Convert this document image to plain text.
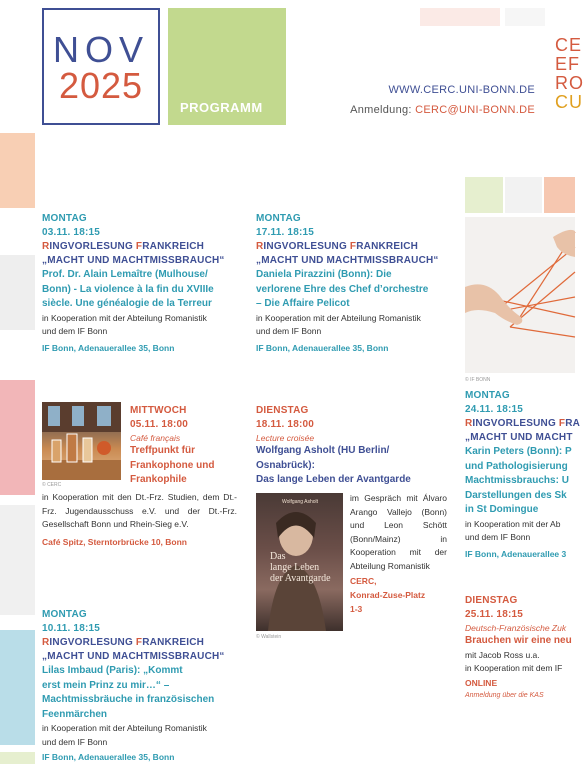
NOV
2025
PROGRAMM
WWW.CERC.UNI-BONN.DE
Anmeldung: CERC@UNI-BONN.DE
CE
EF
RO
CU
MONTAG
03.11. 18:15
RINGVORLESUNG FRANKREICH
„MACHT UND MACHTMISSBRAUCH“
Prof. Dr. Alain Lemaître (Mulhouse/
Bonn) - La violence à la fin du XVIIIe
siècle. Une généalogie de la Terreur
in Kooperation mit der Abteilung Romanistik
und dem IF Bonn
IF Bonn, Adenauerallee 35, Bonn
MONTAG
17.11. 18:15
RINGVORLESUNG FRANKREICH
„MACHT UND MACHTMISSBRAUCH“
Daniela Pirazzini (Bonn): Die
verlorene Ehre des Chef d’orchestre
– Die Affaire Pelicot
in Kooperation mit der Abteilung Romanistik
und dem IF Bonn
IF Bonn, Adenauerallee 35, Bonn
© CERC
MITTWOCH
05.11. 18:00
Café français
Treffpunkt für
Frankophone und
Frankophile
in Kooperation mit den Dt.-Frz. Studien, dem Dt.-Frz. Jugendausschuss e.V. und der Dt.-Frz. Gesellschaft Bonn und Rhein-Sieg e.V.
Café Spitz, Sterntorbrücke 10, Bonn
DIENSTAG
18.11. 18:00
Lecture croisée
Wolfgang Asholt (HU Berlin/
Osnabrück):
Das lange Leben der Avantgarde
Wolfgang Asholt
Das
lange Leben
der Avantgarde
© Wallstein
im Gespräch mit Álvaro Arango Vallejo (Bonn) und Leon Schött (Bonn/Mainz) in Kooperation mit der Abteilung Romanistik
CERC,
Konrad-Zuse-Platz
1-3
MONTAG
10.11. 18:15
RINGVORLESUNG FRANKREICH
„MACHT UND MACHTMISSBRAUCH“
Lilas Imbaud (Paris): „Kommt
erst mein Prinz zu mir…“ –
Machtmissbräuche in französischen
Feenmärchen
in Kooperation mit der Abteilung Romanistik
und dem IF Bonn
IF Bonn, Adenauerallee 35, Bonn
© IF BONN
MONTAG
24.11. 18:15
RINGVORLESUNG FRA
„MACHT UND MACHT
Karin Peters (Bonn): P
und Pathologisierung
Machtmissbrauchs: U
Darstellungen des Sk
in St Domingue
in Kooperation mit der Ab
und dem IF Bonn
IF Bonn, Adenauerallee 3
DIENSTAG
25.11. 18:15
Deutsch-Französische Zuk
Brauchen wir eine neu
mit Jacob Ross u.a.
in Kooperation mit dem IF
ONLINE
Anmeldung über die KAS
